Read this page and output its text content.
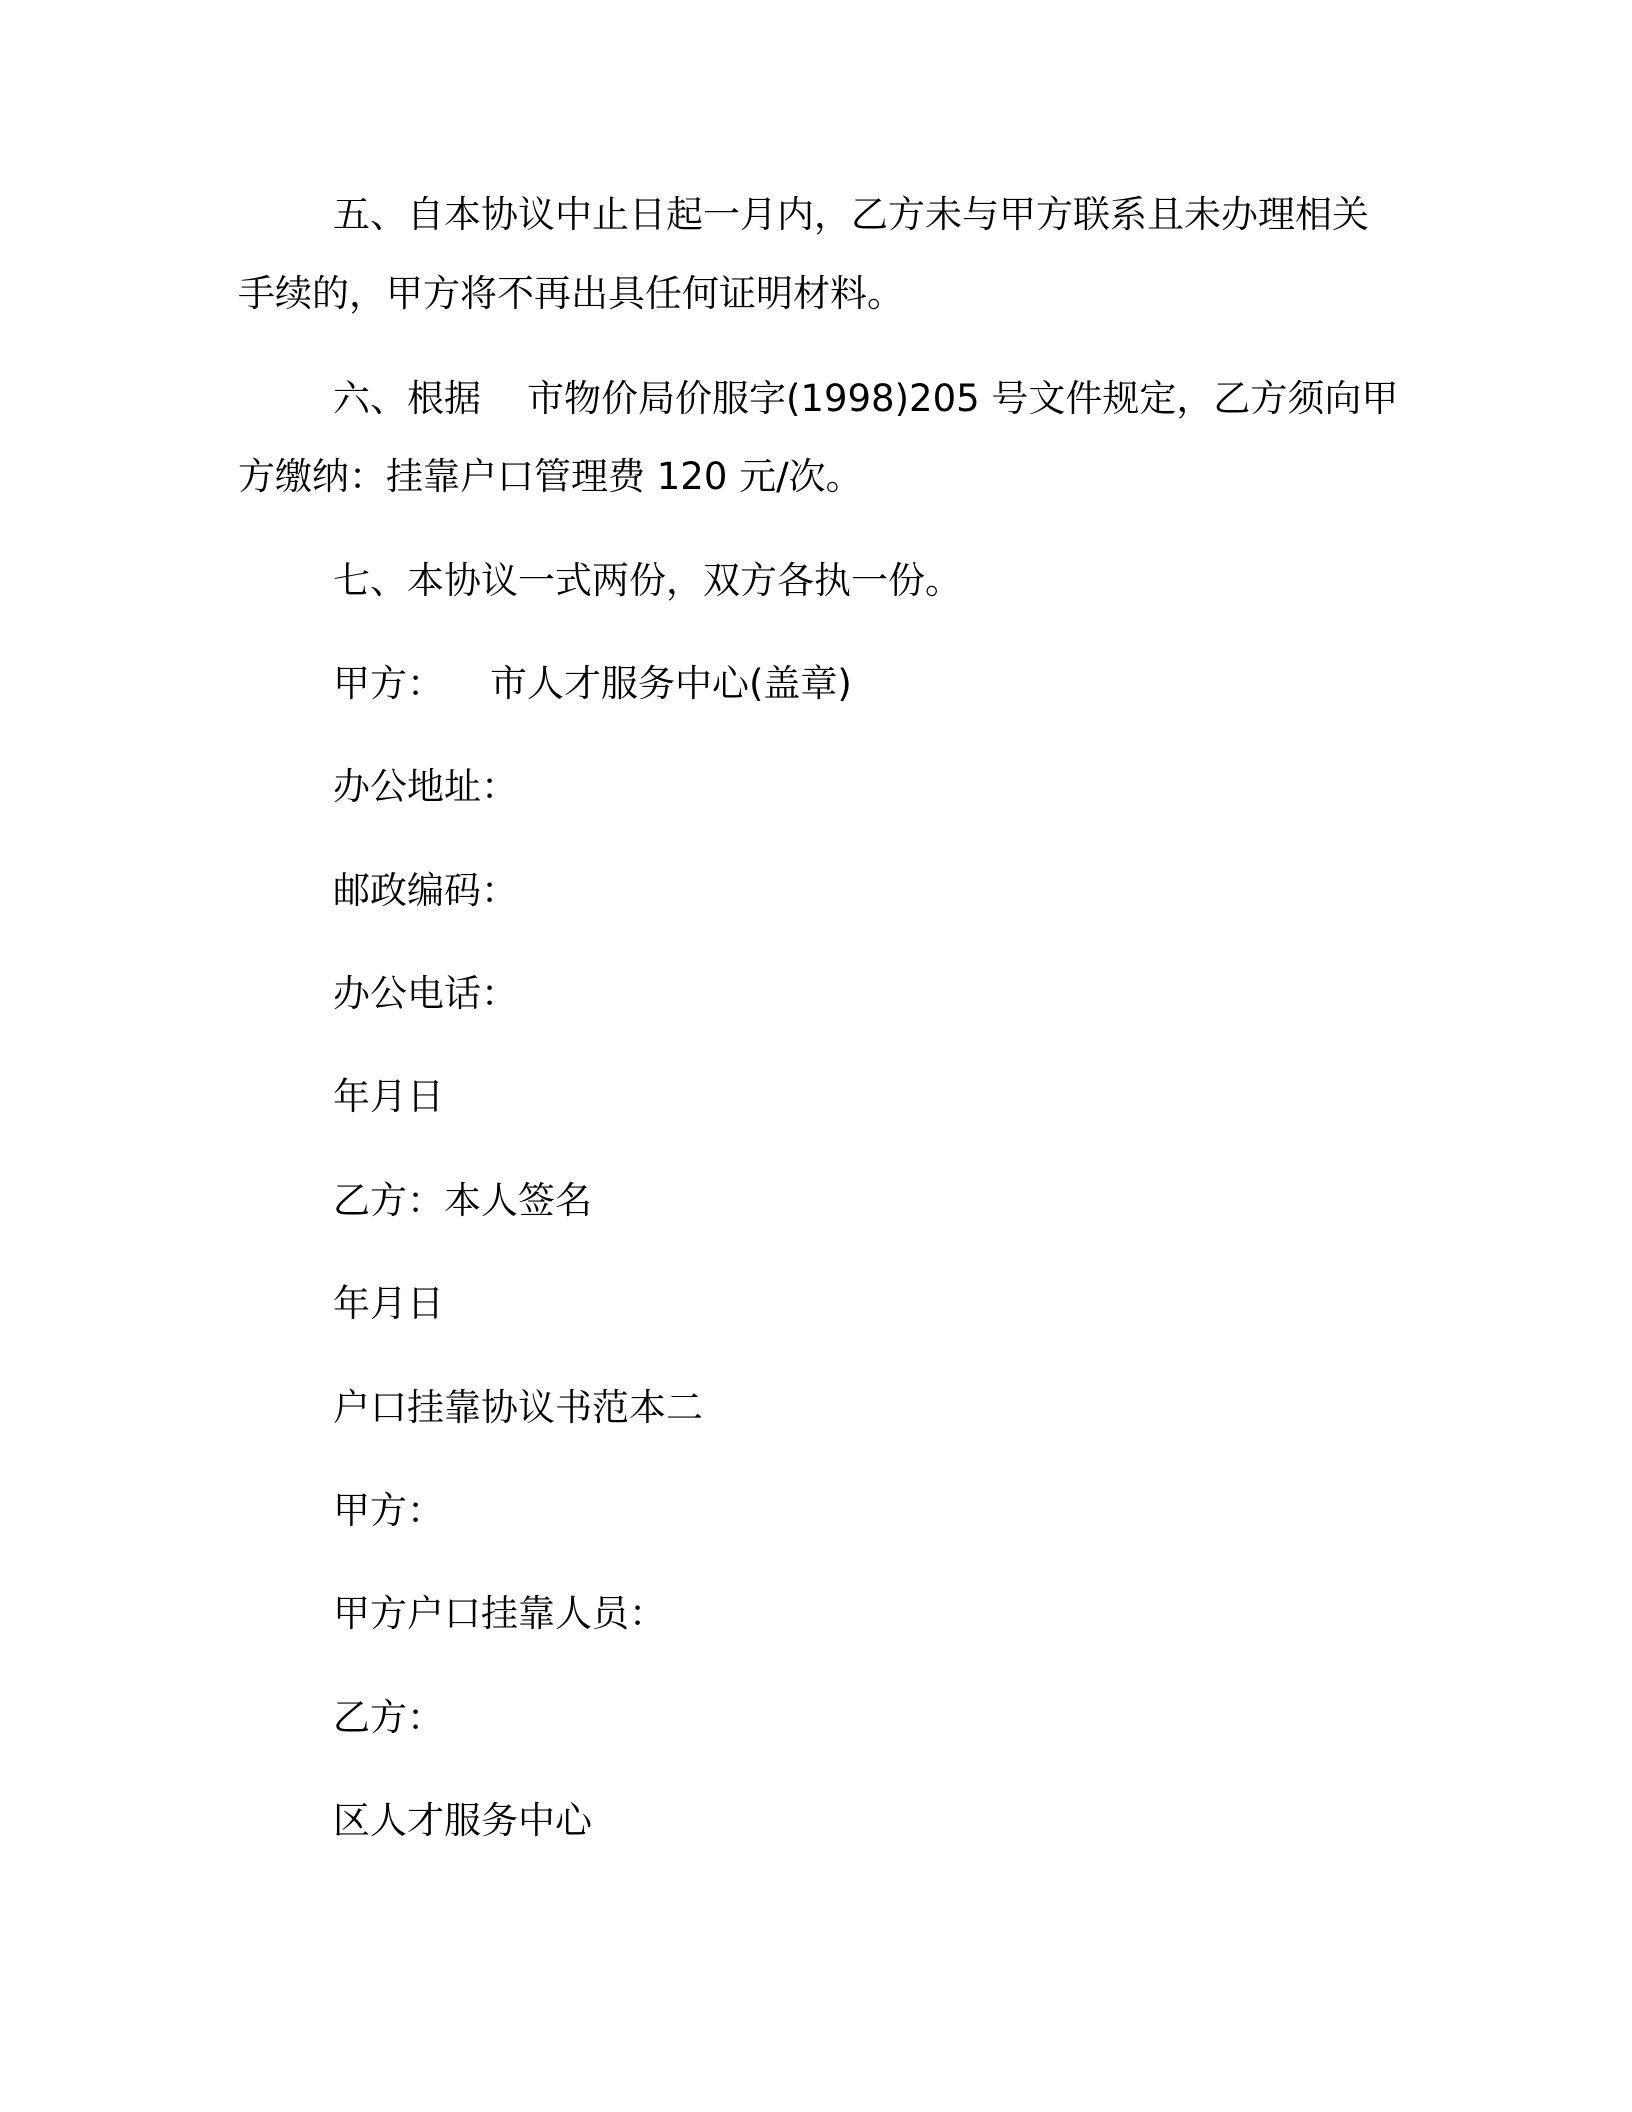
五、自本协议中止日起一月内，乙方未与甲方联系且未办理相关
手续的，甲方将不再出具任何证明材料。
六、根据 市物价局价服字(1998)205 号文件规定，乙方须向甲
方缴纳：挂靠户口管理费 120 元/次。
七、本协议一式两份，双方各执一份。
甲方： 市人才服务中心(盖章)
办公地址：
邮政编码：
办公电话：
年月日
乙方：本人签名
年月日
户口挂靠协议书范本二
甲方：
甲方户口挂靠人员：
乙方：
区人才服务中心
